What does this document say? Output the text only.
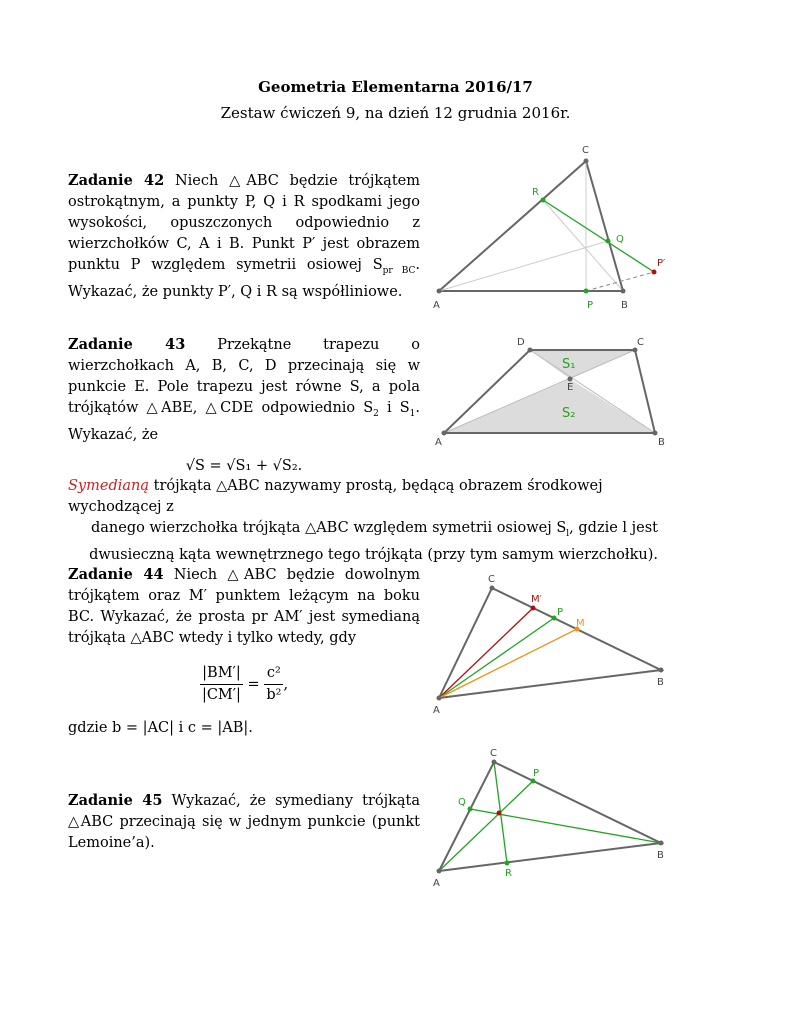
Geometria Elementarna 2016/17
Zestaw ćwiczeń 9, na dzień 12 grudnia 2016r.
Zadanie 42 Niech △ABC będzie trójkątem ostrokątnym, a punkty P, Q i R spodkami jego wysokości, opuszczonych odpowiednio z wierzchołków C, A i B. Punkt P′ jest obrazem punktu P względem symetrii osiowej $S_{pr BC}$. Wykazać, że punkty P′, Q i R są współliniowe.
A	B
C
P
Q
R
P′
Zadanie 43 Przekątne trapezu o wierzchołkach A, B, C, D przecinają się w punkcie E. Pole trapezu jest równe S, a pola trójkątów △ABE, △CDE odpowiednio $S_2$ i $S_1$. Wykazać, że
√S = √S₁ + √S₂.
A	B
C
D
E
S₁
S₂
Symedianą trójkąta △ABC nazywamy prostą, będącą obrazem środkowej wychodzącej z
danego wierzchołka trójkąta △ABC względem symetrii osiowej $S_l$, gdzie l jest
dwusieczną kąta wewnętrznego tego trójkąta (przy tym samym wierzchołku).
Zadanie 44 Niech △ABC będzie dowolnym trójkątem oraz M′ punktem leżącym na boku BC. Wykazać, że prosta pr AM′ jest symedianą trójkąta △ABC wtedy i tylko wtedy, gdy
$\frac{|BM'|}{|CM'|} = \frac{\text{c²}}{\text{b²}}$ ,
gdzie b = |AC| i c = |AB|.
A
B
C
M′
P
M
Zadanie 45 Wykazać, że symediany trójkąta △ABC przecinają się w jednym punkcie (punkt Lemoine’a).
A
B
C
P
Q
R
